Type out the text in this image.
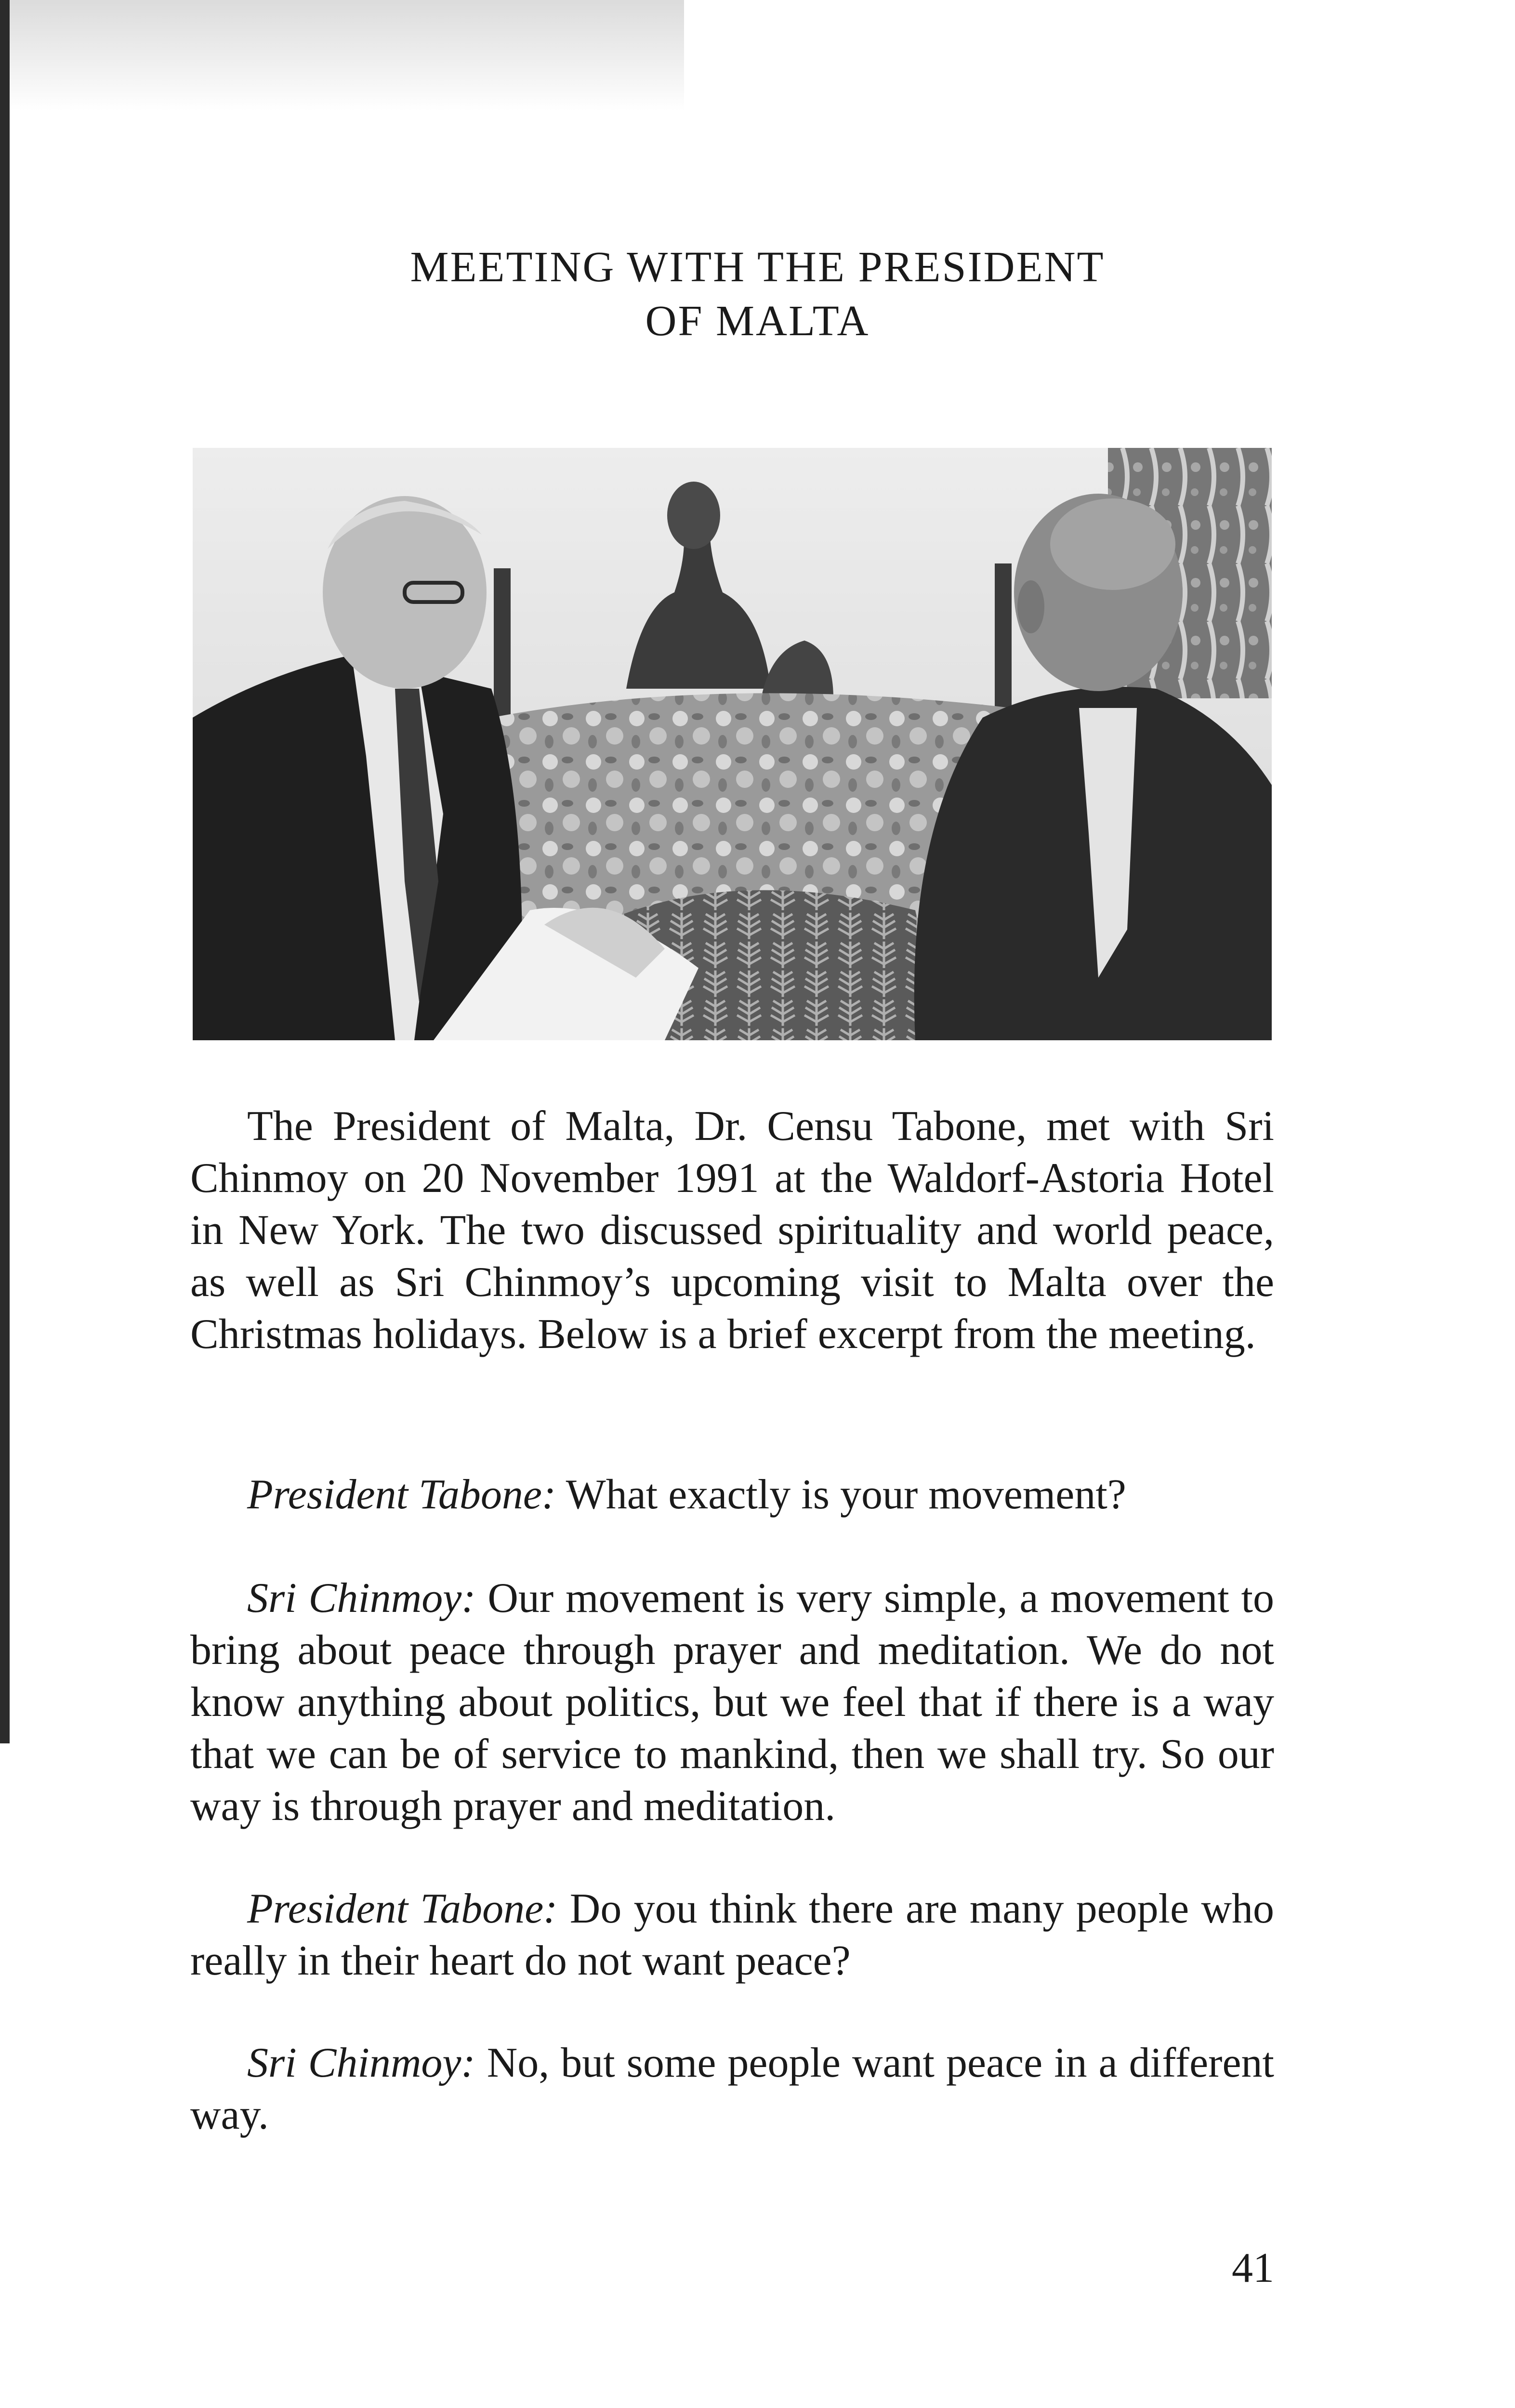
MEETING WITH THE PRESIDENT
OF MALTA

The President of Malta, Dr. Censu Tabone, met with Sri Chinmoy on 20 November 1991 at the Waldorf-Astoria Hotel in New York. The two discussed spirituality and world peace, as well as Sri Chinmoy’s upcoming visit to Malta over the Christmas holidays. Below is a brief excerpt from the meeting.

President Tabone: What exactly is your movement?

Sri Chinmoy: Our movement is very simple, a movement to bring about peace through prayer and meditation. We do not know anything about politics, but we feel that if there is a way that we can be of service to mankind, then we shall try. So our way is through prayer and meditation.

President Tabone: Do you think there are many people who really in their heart do not want peace?

Sri Chinmoy: No, but some people want peace in a different way.

41
